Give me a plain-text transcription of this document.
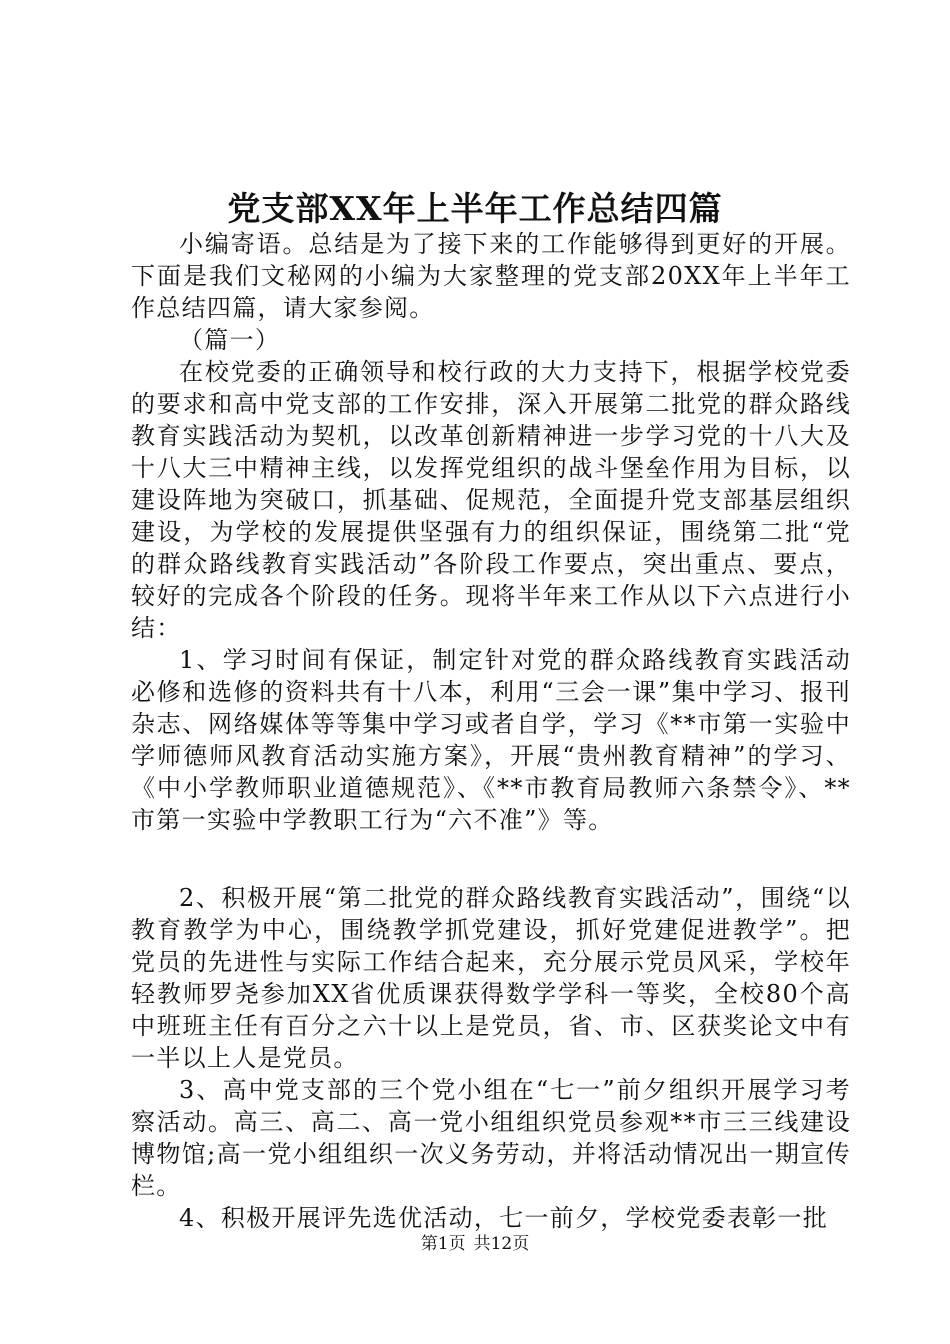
党支部XX年上半年工作总结四篇

小编寄语。总结是为了接下来的工作能够得到更好的开展。下面是我们文秘网的小编为大家整理的党支部20XX年上半年工作总结四篇，请大家参阅。

（篇一）

在校党委的正确领导和校行政的大力支持下，根据学校党委的要求和高中党支部的工作安排，深入开展第二批党的群众路线教育实践活动为契机，以改革创新精神进一步学习党的十八大及十八大三中精神主线，以发挥党组织的战斗堡垒作用为目标，以建设阵地为突破口，抓基础、促规范，全面提升党支部基层组织建设，为学校的发展提供坚强有力的组织保证，围绕第二批“党的群众路线教育实践活动”各阶段工作要点，突出重点、要点，较好的完成各个阶段的任务。现将半年来工作从以下六点进行小结：

1、学习时间有保证，制定针对党的群众路线教育实践活动必修和选修的资料共有十八本，利用“三会一课”集中学习、报刊杂志、网络媒体等等集中学习或者自学，学习《**市第一实验中学师德师风教育活动实施方案》，开展“贵州教育精神”的学习、《中小学教师职业道德规范》、《**市教育局教师六条禁令》、**市第一实验中学教职工行为“六不准”》等。

2、积极开展“第二批党的群众路线教育实践活动”，围绕“以教育教学为中心，围绕教学抓党建设，抓好党建促进教学”。把党员的先进性与实际工作结合起来，充分展示党员风采，学校年轻教师罗尧参加XX省优质课获得数学学科一等奖，全校80个高中班班主任有百分之六十以上是党员，省、市、区获奖论文中有一半以上人是党员。

3、高中党支部的三个党小组在“七一”前夕组织开展学习考察活动。高三、高二、高一党小组组织党员参观**市三三线建设博物馆;高一党小组组织一次义务劳动，并将活动情况出一期宣传栏。

4、积极开展评先选优活动，七一前夕，学校党委表彰一批

第1页 共12页
